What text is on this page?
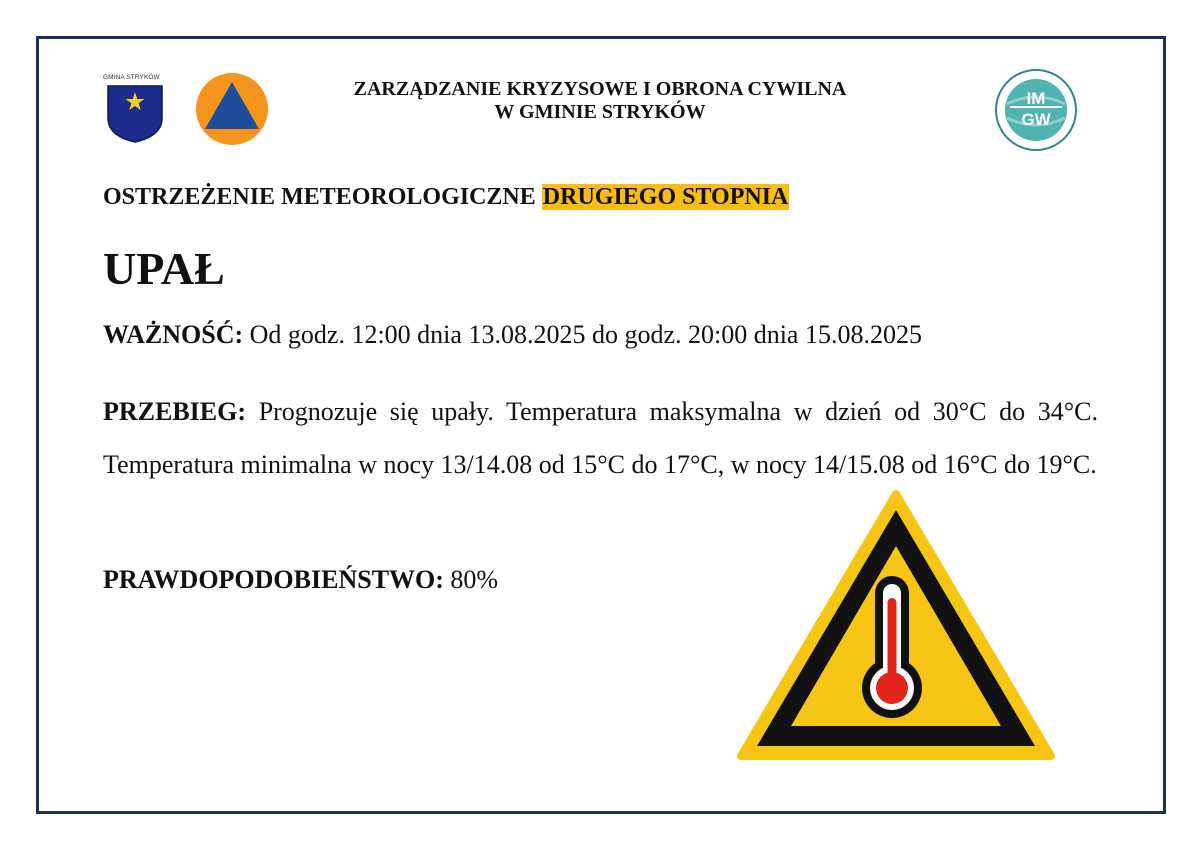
GMINA STRYKÓW
ZARZĄDZANIE KRYZYSOWE I OBRONA CYWILNA
W GMINIE STRYKÓW
IM
GW
OSTRZEŻENIE METEOROLOGICZNE DRUGIEGO STOPNIA
UPAŁ
WAŻNOŚĆ: Od godz. 12:00 dnia 13.08.2025 do godz. 20:00 dnia 15.08.2025
PRZEBIEG: Prognozuje się upały. Temperatura maksymalna w dzień od 30°C do 34°C. Temperatura minimalna w nocy 13/14.08 od 15°C do 17°C, w nocy 14/15.08 od 16°C do 19°C.
PRAWDOPODOBIEŃSTWO: 80%
